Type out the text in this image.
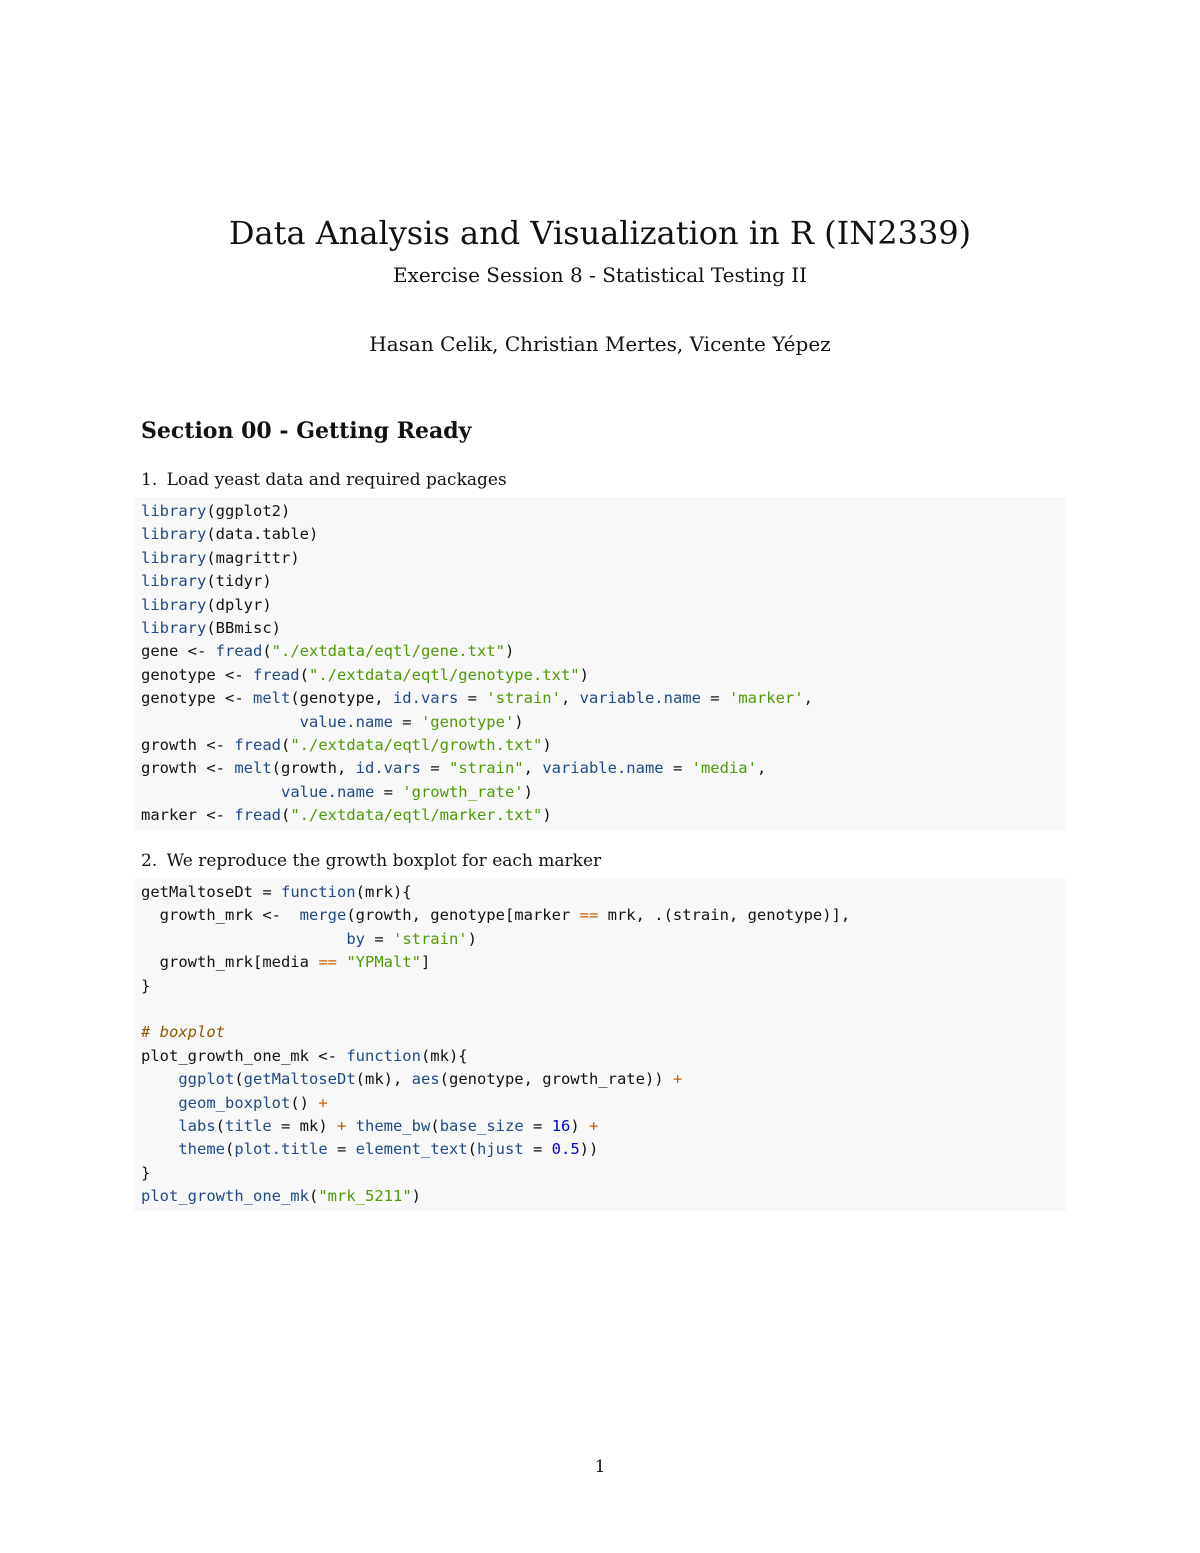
Data Analysis and Visualization in R (IN2339)

Exercise Session 8 - Statistical Testing II

Hasan Celik, Christian Mertes, Vicente Yépez

Section 00 - Getting Ready

1. Load yeast data and required packages

library(ggplot2)
library(data.table)
library(magrittr)
library(tidyr)
library(dplyr)
library(BBmisc)
gene <- fread("./extdata/eqtl/gene.txt")
genotype <- fread("./extdata/eqtl/genotype.txt")
genotype <- melt(genotype, id.vars = 'strain', variable.name = 'marker',
value.name = 'genotype')
growth <- fread("./extdata/eqtl/growth.txt")
growth <- melt(growth, id.vars = "strain", variable.name = 'media',
value.name = 'growth_rate')
marker <- fread("./extdata/eqtl/marker.txt")

2. We reproduce the growth boxplot for each marker

getMaltoseDt = function(mrk){
growth_mrk <-  merge(growth, genotype[marker == mrk, .(strain, genotype)],
by = 'strain')
growth_mrk[media == "YPMalt"]
}
# boxplot
plot_growth_one_mk <- function(mk){
ggplot(getMaltoseDt(mk), aes(genotype, growth_rate)) +
geom_boxplot() +
labs(title = mk) + theme_bw(base_size = 16) +
theme(plot.title = element_text(hjust = 0.5))
}
plot_growth_one_mk("mrk_5211")

1
